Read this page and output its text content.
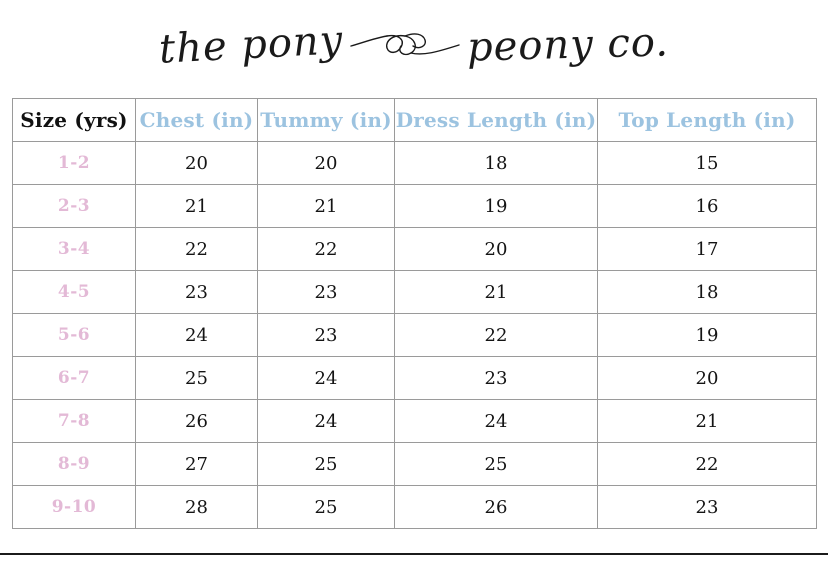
the pony	peony co.
Size (yrs)	Chest (in)	Tummy (in)	Dress Length (in)	Top Length (in)
1-2	20	20	18	15
2-3	21	21	19	16
3-4	22	22	20	17
4-5	23	23	21	18
5-6	24	23	22	19
6-7	25	24	23	20
7-8	26	24	24	21
8-9	27	25	25	22
9-10	28	25	26	23
